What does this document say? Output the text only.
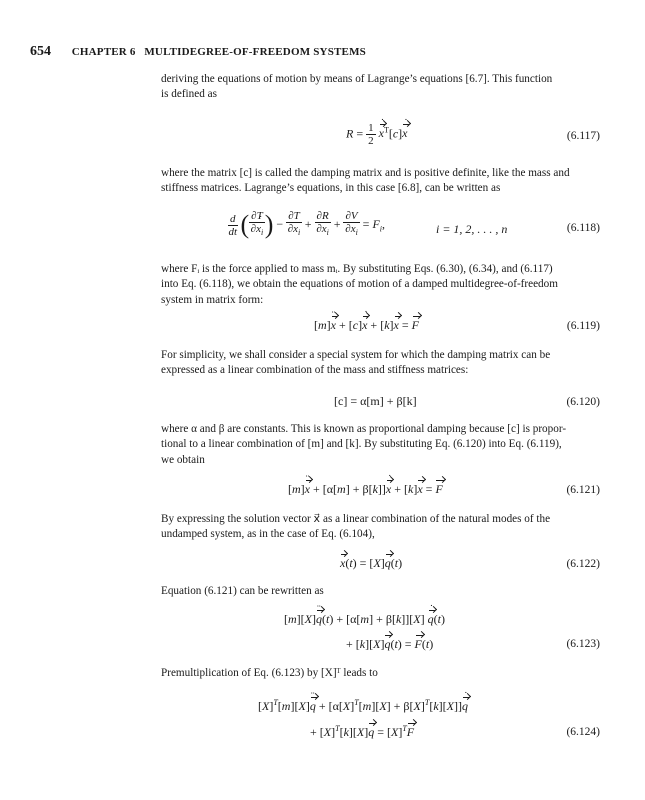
654 CHAPTER 6 MULTIDEGREE-OF-FREEDOM SYSTEMS
deriving the equations of motion by means of Lagrange’s equations [6.7]. This function
is defined as
$R = \frac{1}{2}$
˙ $x^T[c]˙$ x	(6.117)
where the matrix [c] is called the damping matrix and is positive definite, like the mass and
stiffness matrices. Lagrange’s equations, in this case [6.8], can be written as
$\frac{d}{dt}$ ( $\frac{\partial T}{\partial˙ x_i}$ ) − $\frac{\partial T}{\partial x_i} + \frac{\partial R}{\partial˙ x_i} + \frac{\partial V}{\partial x_i} = F_i$,	i = 1, 2, . . . , n	(6.118)
where Fᵢ is the force applied to mass mᵢ. By substituting Eqs. (6.30), (6.34), and (6.117)
into Eq. (6.118), we obtain the equations of motion of a damped multidegree-of-freedom
system in matrix form:
[m]¨ x + [c]˙ x + [k]x = F	(6.119)
For simplicity, we shall consider a special system for which the damping matrix can be
expressed as a linear combination of the mass and stiffness matrices:
[c] = α[m] + β[k]	(6.120)
where α and β are constants. This is known as proportional damping because [c] is propor-
tional to a linear combination of [m] and [k]. By substituting Eq. (6.120) into Eq. (6.119),
we obtain
[m]¨ x + [α[m] + β[k]]˙ x + [k]x = F	(6.121)
By expressing the solution vector x⃗ as a linear combination of the natural modes of the
undamped system, as in the case of Eq. (6.104),
x(t) = [X]q(t)	(6.122)
Equation (6.121) can be rewritten as
[m][X]¨ q(t) + [α[m] + β[k]][X] ˙ q(t)
+ [k][X]q(t) = F(t)	(6.123)
Premultiplication of Eq. (6.123) by [X]ᵀ leads to
$[X]^T[m][X]¨$ $q + [\alpha[X]^T[m][X]$ + $\beta[X]^T[k][X]]˙$ q
+ $[X]^T[k][X]q = [X]^TF$	(6.124)
